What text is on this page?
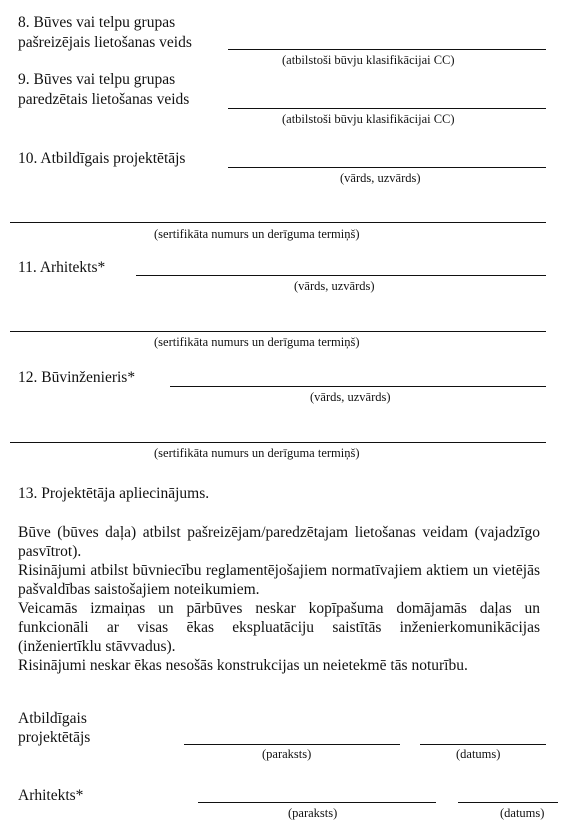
8. Būves vai telpu grupas
pašreizējais lietošanas veids
(atbilstoši būvju klasifikācijai CC)
9. Būves vai telpu grupas
paredzētais lietošanas veids
(atbilstoši būvju klasifikācijai CC)
10. Atbildīgais projektētājs
(vārds, uzvārds)
(sertifikāta numurs un derīguma termiņš)
11. Arhitekts*
(vārds, uzvārds)
(sertifikāta numurs un derīguma termiņš)
12. Būvinženieris*
(vārds, uzvārds)
(sertifikāta numurs un derīguma termiņš)
13. Projektētāja apliecinājums.

Būve (būves daļa) atbilst pašreizējam/paredzētajam lietošanas veidam (vajadzīgo pasvītrot).

Risinājumi atbilst būvniecību reglamentējošajiem normatīvajiem aktiem un vietējās pašvaldības saistošajiem noteikumiem.

Veicamās izmaiņas un pārbūves neskar kopīpašuma domājamās daļas un funkcionāli ar visas ēkas ekspluatāciju saistītās inženierkomunikācijas (inženiertīklu stāvvadus).

Risinājumi neskar ēkas nesošās konstrukcijas un neietekmē tās noturību.

Atbildīgais
projektētājs
(paraksts)	(datums)
Arhitekts*
(paraksts)	(datums)
